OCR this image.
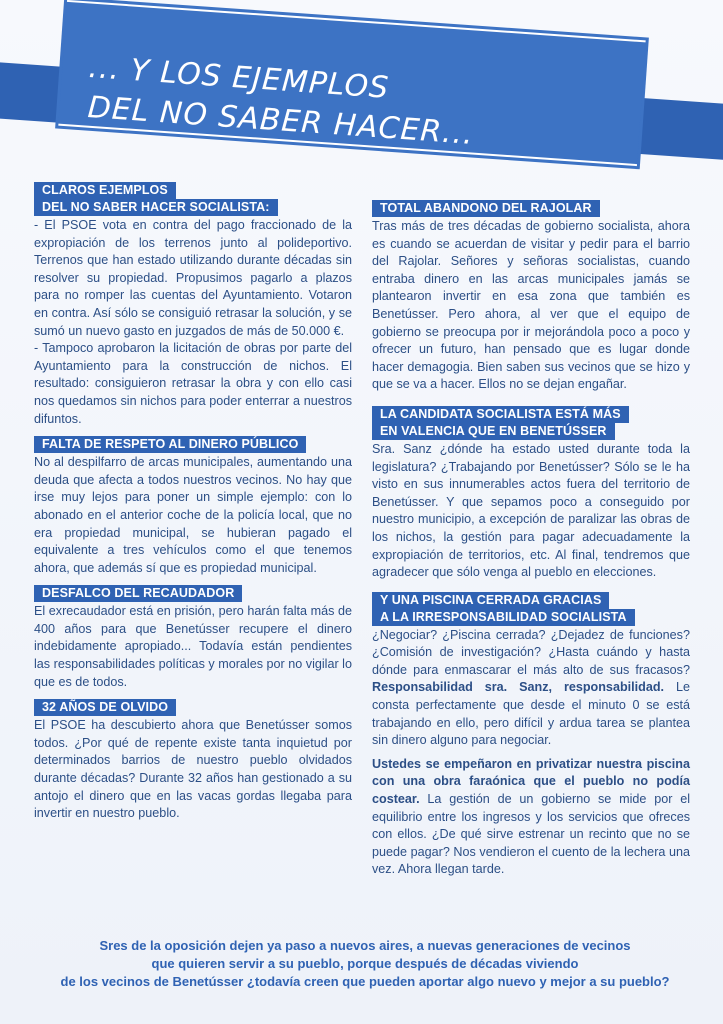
... Y LOS EJEMPLOS

DEL NO SABER HACER...
CLAROS EJEMPLOS
DEL NO SABER HACER SOCIALISTA:

- El PSOE vota en contra del pago fraccionado de la expropiación de los terrenos junto al polideportivo. Terrenos que han estado utilizando durante décadas sin resolver su propiedad. Propusimos pagarlo a plazos para no romper las cuentas del Ayuntamiento. Votaron en contra. Así sólo se consiguió retrasar la solución, y se sumó un nuevo gasto en juzgados de más de 50.000 €.

- Tampoco aprobaron la licitación de obras por parte del Ayuntamiento para la construcción de nichos. El resultado: consiguieron retrasar la obra y con ello casi nos quedamos sin nichos para poder enterrar a nuestros difuntos.

FALTA DE RESPETO AL DINERO PÚBLICO

No al despilfarro de arcas municipales, aumentando una deuda que afecta a todos nuestros vecinos. No hay que irse muy lejos para poner un simple ejemplo: con lo abonado en el anterior coche de la policía local, que no era propiedad municipal, se hubieran pagado el equivalente a tres vehículos como el que tenemos ahora, que además sí que es propiedad municipal.

DESFALCO DEL RECAUDADOR

El exrecaudador está en prisión, pero harán falta más de 400 años para que Benetússer recupere el dinero indebidamente apropiado... Todavía están pendientes las responsabilidades políticas y morales por no vigilar lo que es de todos.

32 AÑOS DE OLVIDO

El PSOE ha descubierto ahora que Benetússer somos todos. ¿Por qué de repente existe tanta inquietud por determinados barrios de nuestro pueblo olvidados durante décadas? Durante 32 años han gestionado a su antojo el dinero que en las vacas gordas llegaba para invertir en nuestro pueblo.

TOTAL ABANDONO DEL RAJOLAR

Tras más de tres décadas de gobierno socialista, ahora es cuando se acuerdan de visitar y pedir para el barrio del Rajolar. Señores y señoras socialistas, cuando entraba dinero en las arcas municipales jamás se plantearon invertir en esa zona que también es Benetússer. Pero ahora, al ver que el equipo de gobierno se preocupa por ir mejorándola poco a poco y ofrecer un futuro, han pensado que es lugar donde hacer demagogia. Bien saben sus vecinos que se hizo y que se va a hacer. Ellos no se dejan engañar.

LA CANDIDATA SOCIALISTA ESTÁ MÁS
EN VALENCIA QUE EN BENETÚSSER

Sra. Sanz ¿dónde ha estado usted durante toda la legislatura? ¿Trabajando por Benetússer? Sólo se le ha visto en sus innumerables actos fuera del territorio de Benetússer. Y que sepamos poco a conseguido por nuestro municipio, a excepción de paralizar las obras de los nichos, la gestión para pagar adecuadamente la expropiación de territorios, etc. Al final, tendremos que agradecer que sólo venga al pueblo en elecciones.

Y UNA PISCINA CERRADA GRACIAS
A LA IRRESPONSABILIDAD SOCIALISTA

¿Negociar? ¿Piscina cerrada? ¿Dejadez de funciones? ¿Comisión de investigación? ¿Hasta cuándo y hasta dónde para enmascarar el más alto de sus fracasos? Responsabilidad sra. Sanz, responsabilidad. Le consta perfectamente que desde el minuto 0 se está trabajando en ello, pero difícil y ardua tarea se plantea sin dinero alguno para negociar.

Ustedes se empeñaron en privatizar nuestra piscina con una obra faraónica que el pueblo no podía costear. La gestión de un gobierno se mide por el equilibrio entre los ingresos y los servicios que ofreces con ellos. ¿De qué sirve estrenar un recinto que no se puede pagar? Nos vendieron el cuento de la lechera una vez. Ahora llegan tarde.

Sres de la oposición dejen ya paso a nuevos aires, a nuevas generaciones de vecinos
que quieren servir a su pueblo, porque después de décadas viviendo
de los vecinos de Benetússer ¿todavía creen que pueden aportar algo nuevo y mejor a su pueblo?
